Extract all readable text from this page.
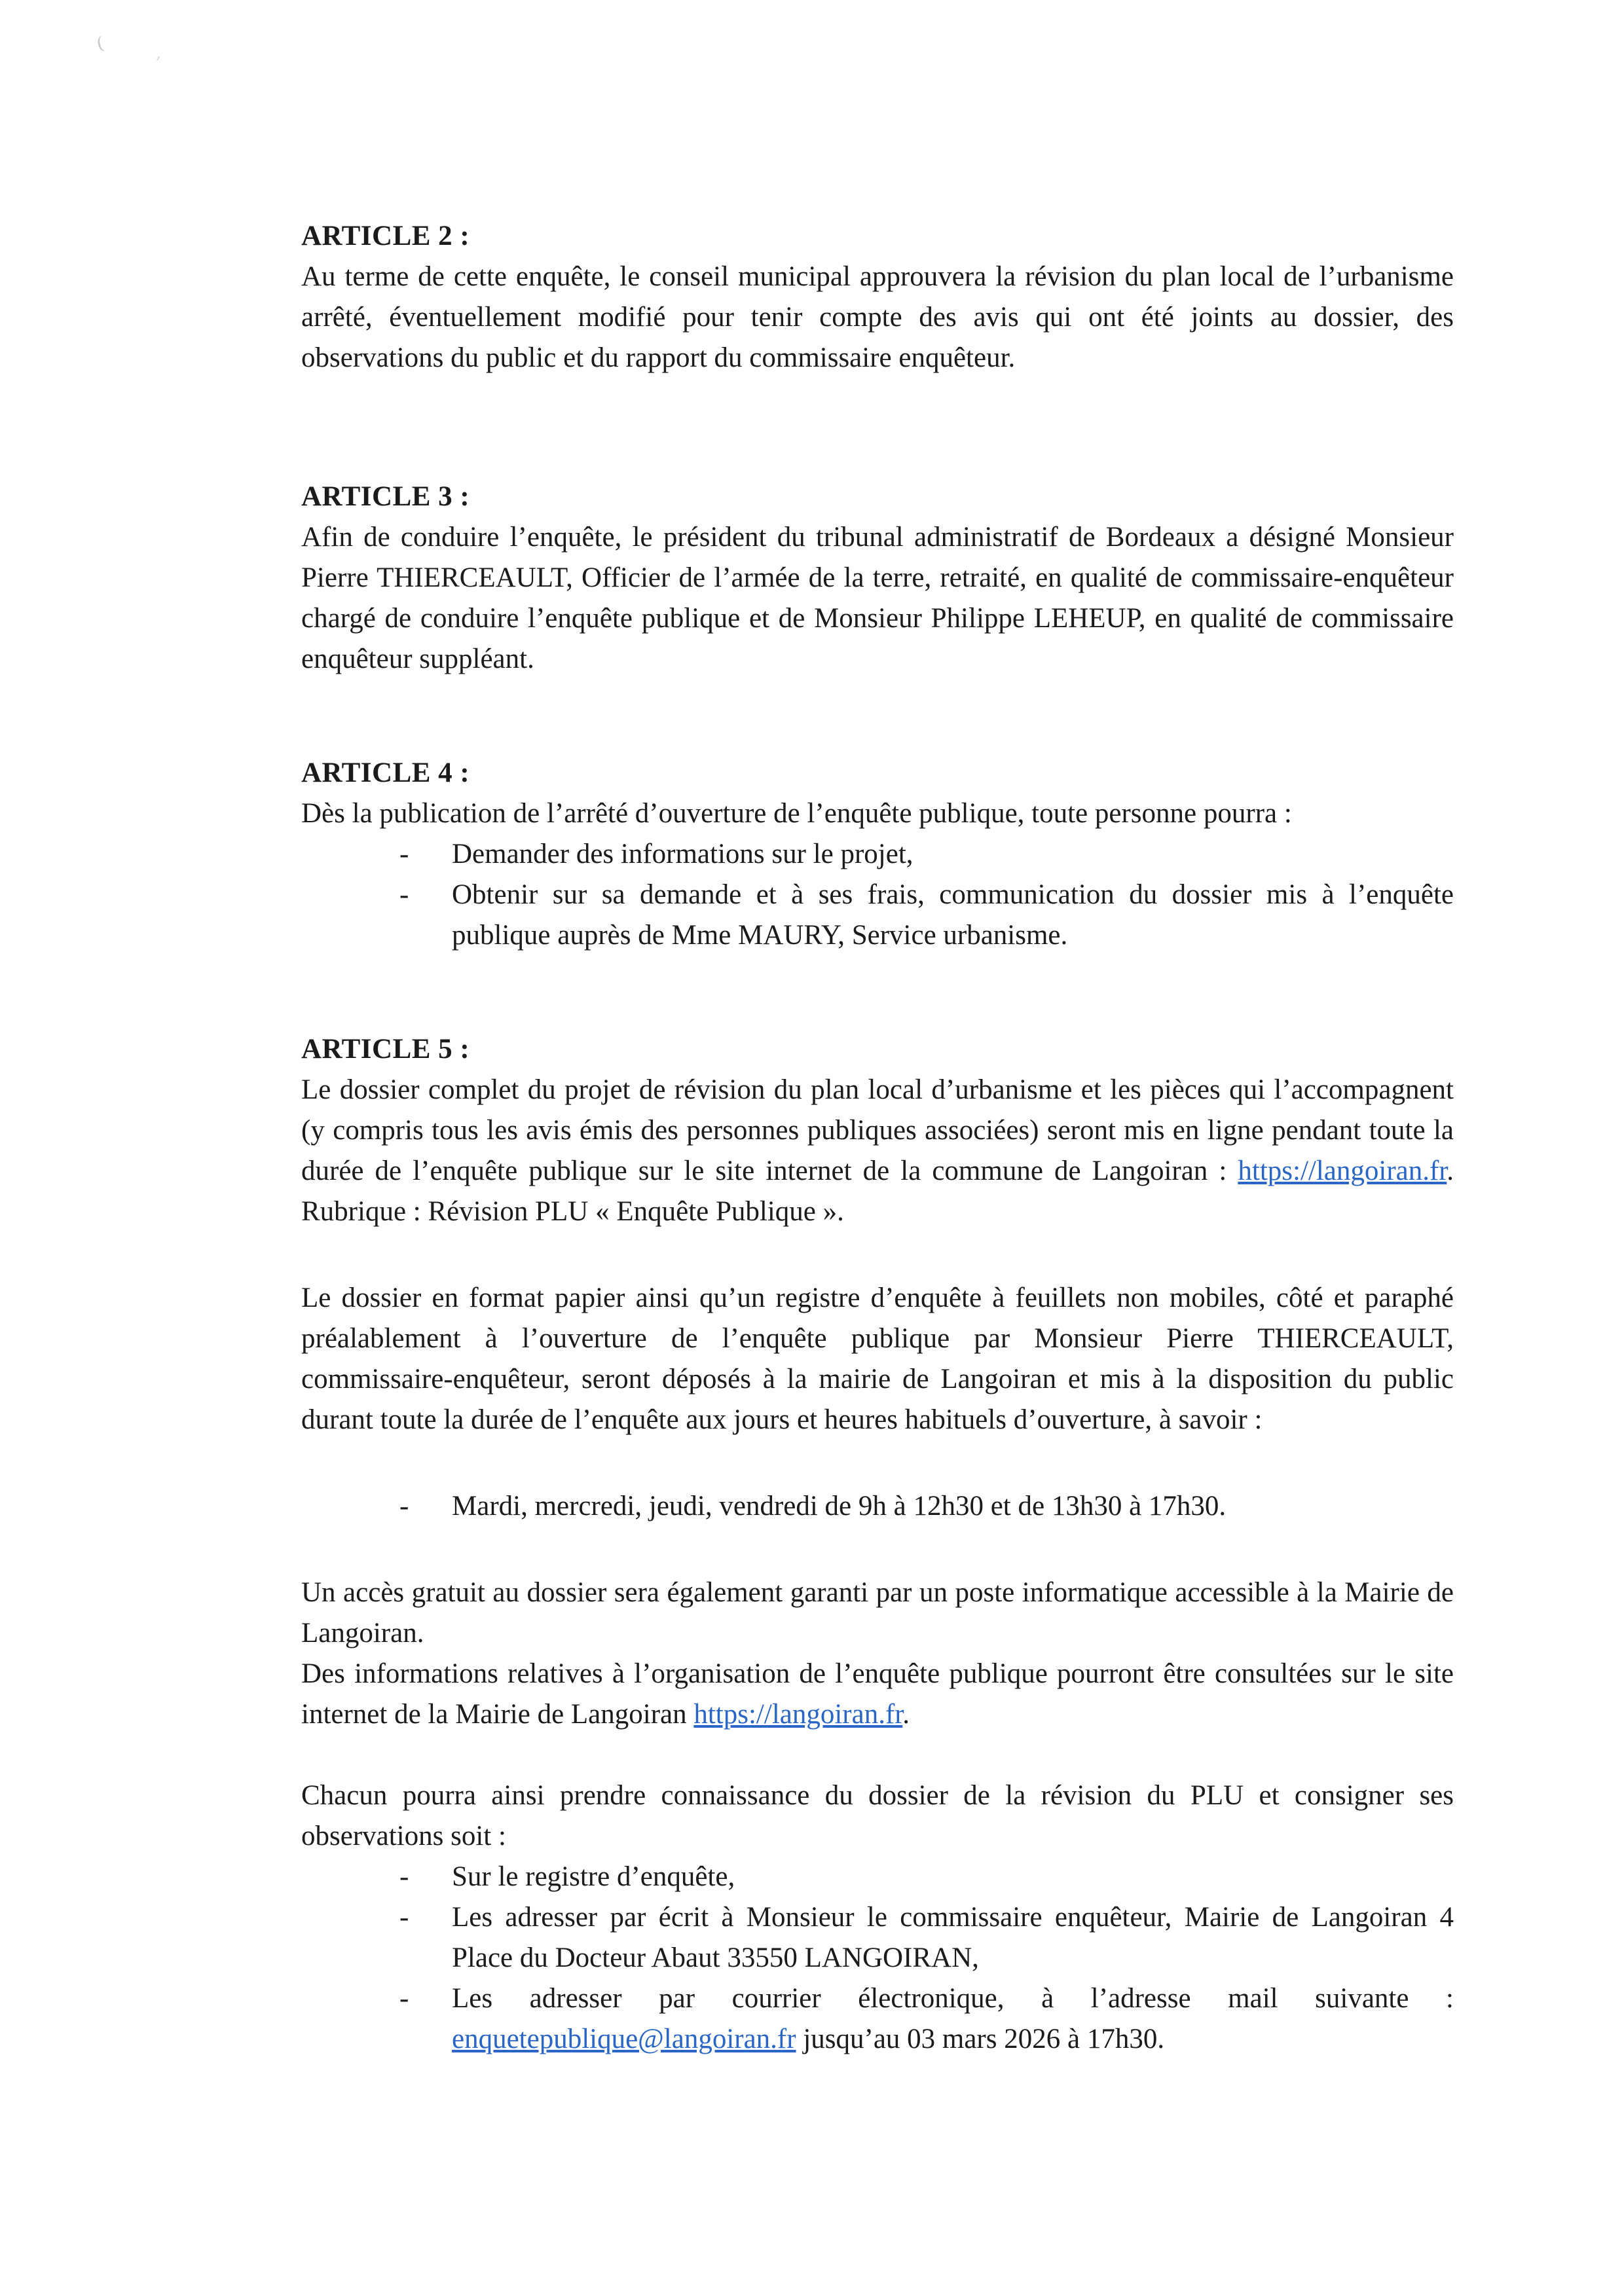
(	,
ARTICLE 2 :

Au terme de cette enquête, le conseil municipal approuvera la révision du plan local de l’urbanisme arrêté, éventuellement modifié pour tenir compte des avis qui ont été joints au dossier, des observations du public et du rapport du commissaire enquêteur.

ARTICLE 3 :

Afin de conduire l’enquête, le président du tribunal administratif de Bordeaux a désigné Monsieur Pierre THIERCEAULT, Officier de l’armée de la terre, retraité, en qualité de commissaire-enquêteur chargé de conduire l’enquête publique et de Monsieur Philippe LEHEUP, en qualité de commissaire enquêteur suppléant.

ARTICLE 4 :

Dès la publication de l’arrêté d’ouverture de l’enquête publique, toute personne pourra :

-	Demander des informations sur le projet,
-	Obtenir sur sa demande et à ses frais, communication du dossier mis à l’enquête publique auprès de Mme MAURY, Service urbanisme.
ARTICLE 5 :

Le dossier complet du projet de révision du plan local d’urbanisme et les pièces qui l’accompagnent (y compris tous les avis émis des personnes publiques associées) seront mis en ligne pendant toute la durée de l’enquête publique sur le site internet de la commune de Langoiran : https://langoiran.fr. Rubrique : Révision PLU « Enquête Publique ».

Le dossier en format papier ainsi qu’un registre d’enquête à feuillets non mobiles, côté et paraphé préalablement à l’ouverture de l’enquête publique par Monsieur Pierre THIERCEAULT, commissaire-enquêteur, seront déposés à la mairie de Langoiran et mis à la disposition du public durant toute la durée de l’enquête aux jours et heures habituels d’ouverture, à savoir :

-	Mardi, mercredi, jeudi, vendredi de 9h à 12h30 et de 13h30 à 17h30.

Un accès gratuit au dossier sera également garanti par un poste informatique accessible à la Mairie de Langoiran.

Des informations relatives à l’organisation de l’enquête publique pourront être consultées sur le site internet de la Mairie de Langoiran https://langoiran.fr.

Chacun pourra ainsi prendre connaissance du dossier de la révision du PLU et consigner ses observations soit :

-	Sur le registre d’enquête,
-	Les adresser par écrit à Monsieur le commissaire enquêteur, Mairie de Langoiran 4 Place du Docteur Abaut 33550 LANGOIRAN,
-	Les adresser par courrier électronique, à l’adresse mail suivante : enquetepublique@langoiran.fr jusqu’au 03 mars 2026 à 17h30.
